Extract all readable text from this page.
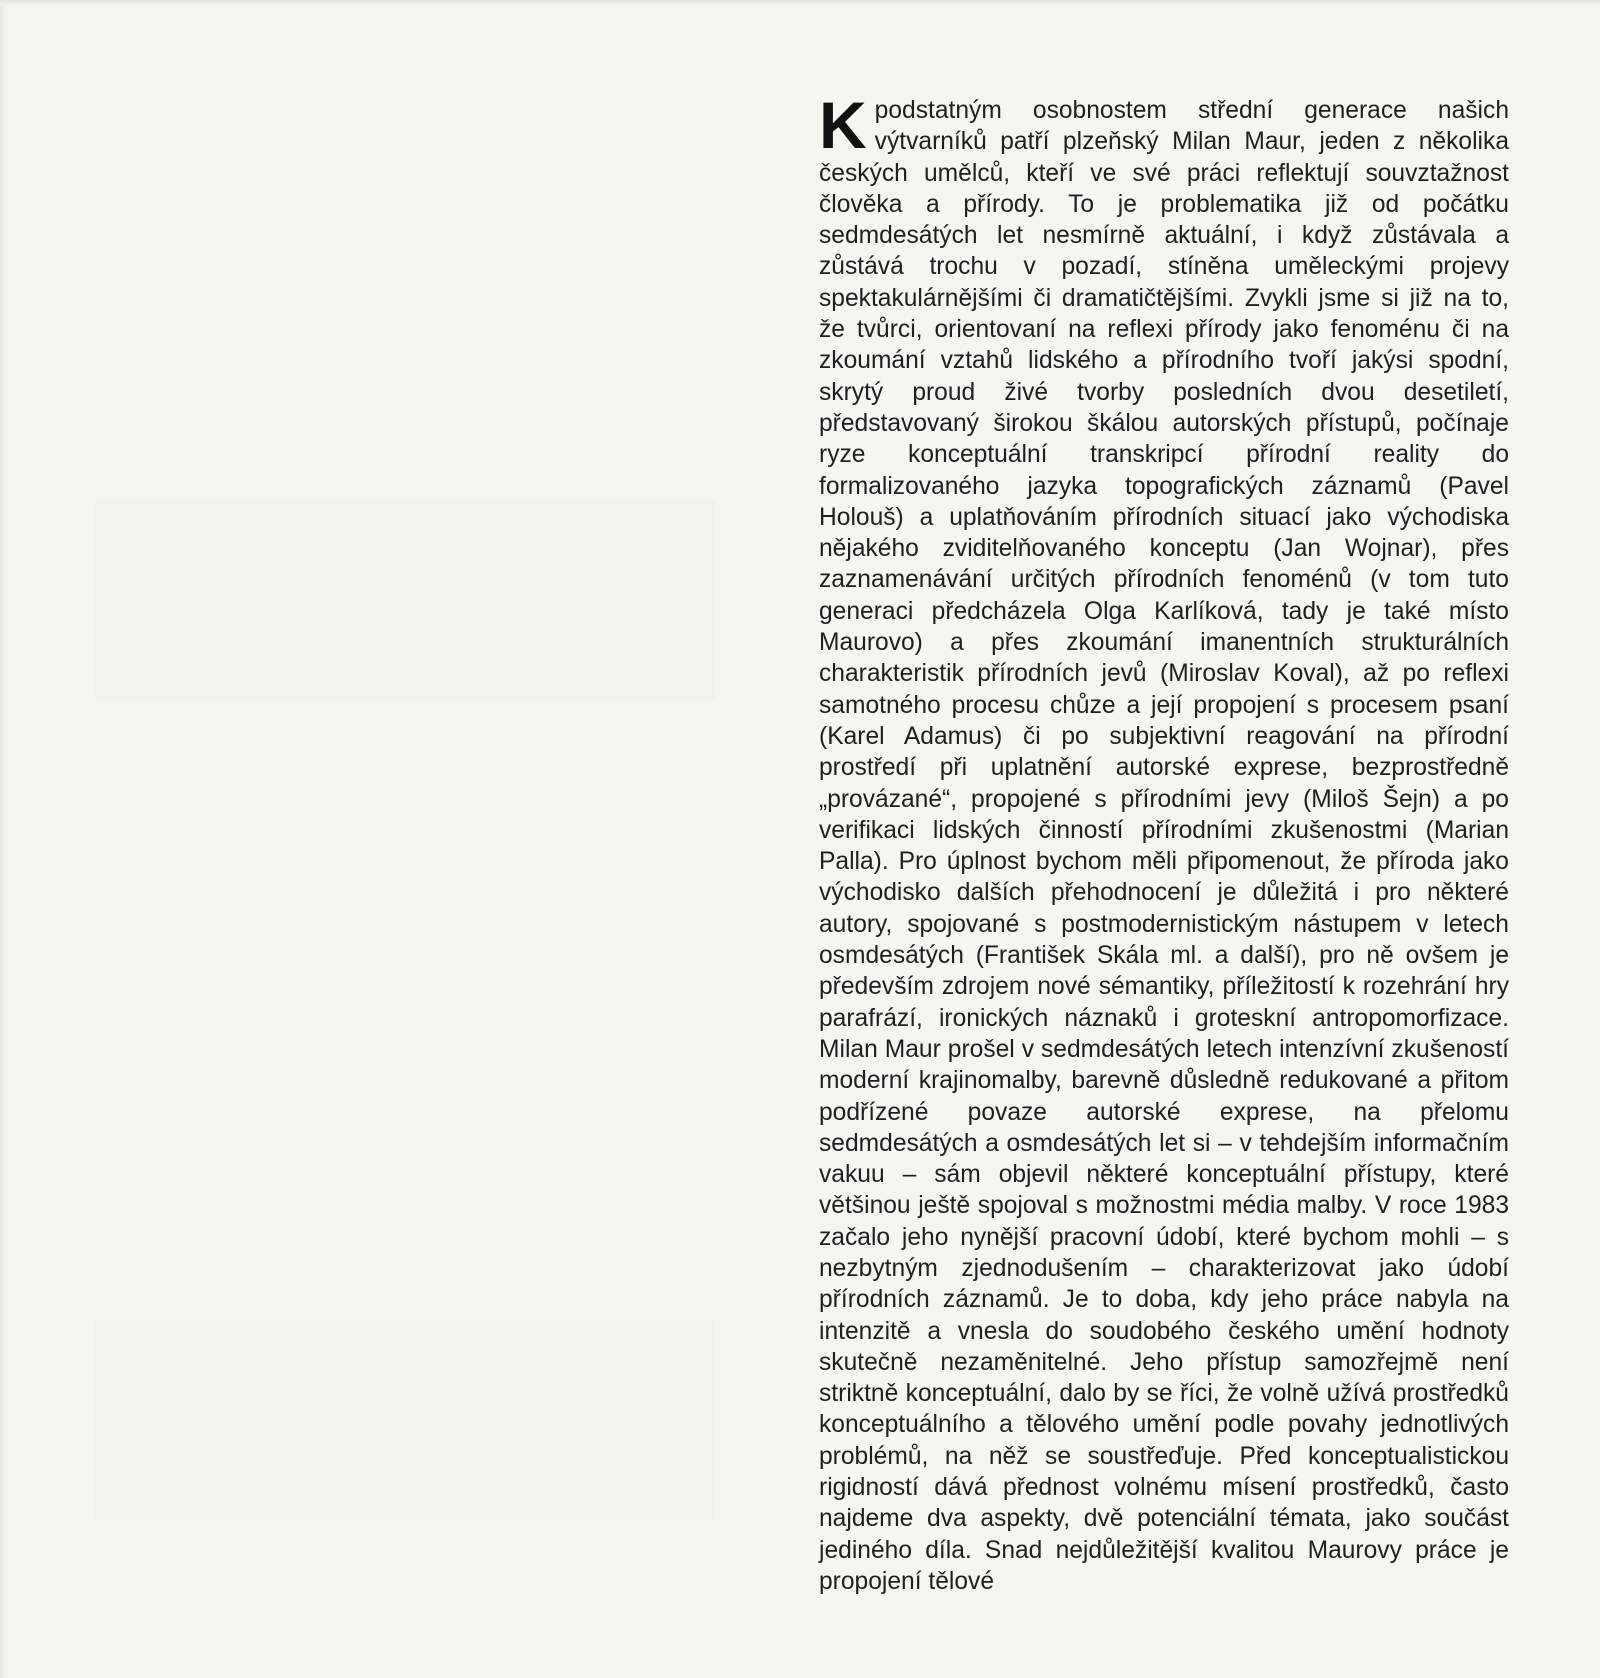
K podstatným osobnostem střední generace našich výtvarníků patří plzeňský Milan Maur, jeden z několika českých umělců, kteří ve své práci reflektují souvztažnost člověka a přírody. To je problematika již od počátku sedmdesátých let nesmírně aktuální, i když zůstávala a zůstává trochu v pozadí, stíněna uměleckými projevy spektakulárnějšími či dramatičtějšími. Zvykli jsme si již na to, že tvůrci, orientovaní na reflexi přírody jako fenoménu či na zkoumání vztahů lidského a přírodního tvoří jakýsi spodní, skrytý proud živé tvorby posledních dvou desetiletí, představovaný širokou škálou autorských přístupů, počínaje ryze konceptuální transkripcí přírodní reality do formalizovaného jazyka topografických záznamů (Pavel Holouš) a uplatňováním přírodních situací jako východiska nějakého zviditelňovaného konceptu (Jan Wojnar), přes zaznamenávání určitých přírodních fenoménů (v tom tuto generaci předcházela Olga Karlíková, tady je také místo Maurovo) a přes zkoumání imanentních strukturálních charakteristik přírodních jevů (Miroslav Koval), až po reflexi samotného procesu chůze a její propojení s procesem psaní (Karel Adamus) či po subjektivní reagování na přírodní prostředí při uplatnění autorské exprese, bezprostředně „provázané“, propojené s přírodními jevy (Miloš Šejn) a po verifikaci lidských činností přírodními zkušenostmi (Marian Palla). Pro úplnost bychom měli připomenout, že příroda jako východisko dalších přehodnocení je důležitá i pro některé autory, spojované s postmodernistickým nástupem v letech osmdesátých (František Skála ml. a další), pro ně ovšem je především zdrojem nové sémantiky, příležitostí k rozehrání hry parafrází, ironických náznaků i groteskní antropomorfizace. Milan Maur prošel v sedmdesátých letech intenzívní zkušeností moderní krajinomalby, barevně důsledně redukované a přitom podřízené povaze autorské exprese, na přelomu sedmdesátých a osmdesátých let si – v tehdejším informačním vakuu – sám objevil některé konceptuální přístupy, které většinou ještě spojoval s možnostmi média malby. V roce 1983 začalo jeho nynější pracovní údobí, které bychom mohli – s nezbytným zjednodušením – charakterizovat jako údobí přírodních záznamů. Je to doba, kdy jeho práce nabyla na intenzitě a vnesla do soudobého českého umění hodnoty skutečně nezaměnitelné. Jeho přístup samozřejmě není striktně konceptuální, dalo by se říci, že volně užívá prostředků konceptuálního a tělového umění podle povahy jednotlivých problémů, na něž se soustřeďuje. Před konceptualistickou rigidností dává přednost volnému mísení prostředků, často najdeme dva aspekty, dvě potenciální témata, jako součást jediného díla. Snad nejdůležitější kvalitou Maurovy práce je propojení tělové
